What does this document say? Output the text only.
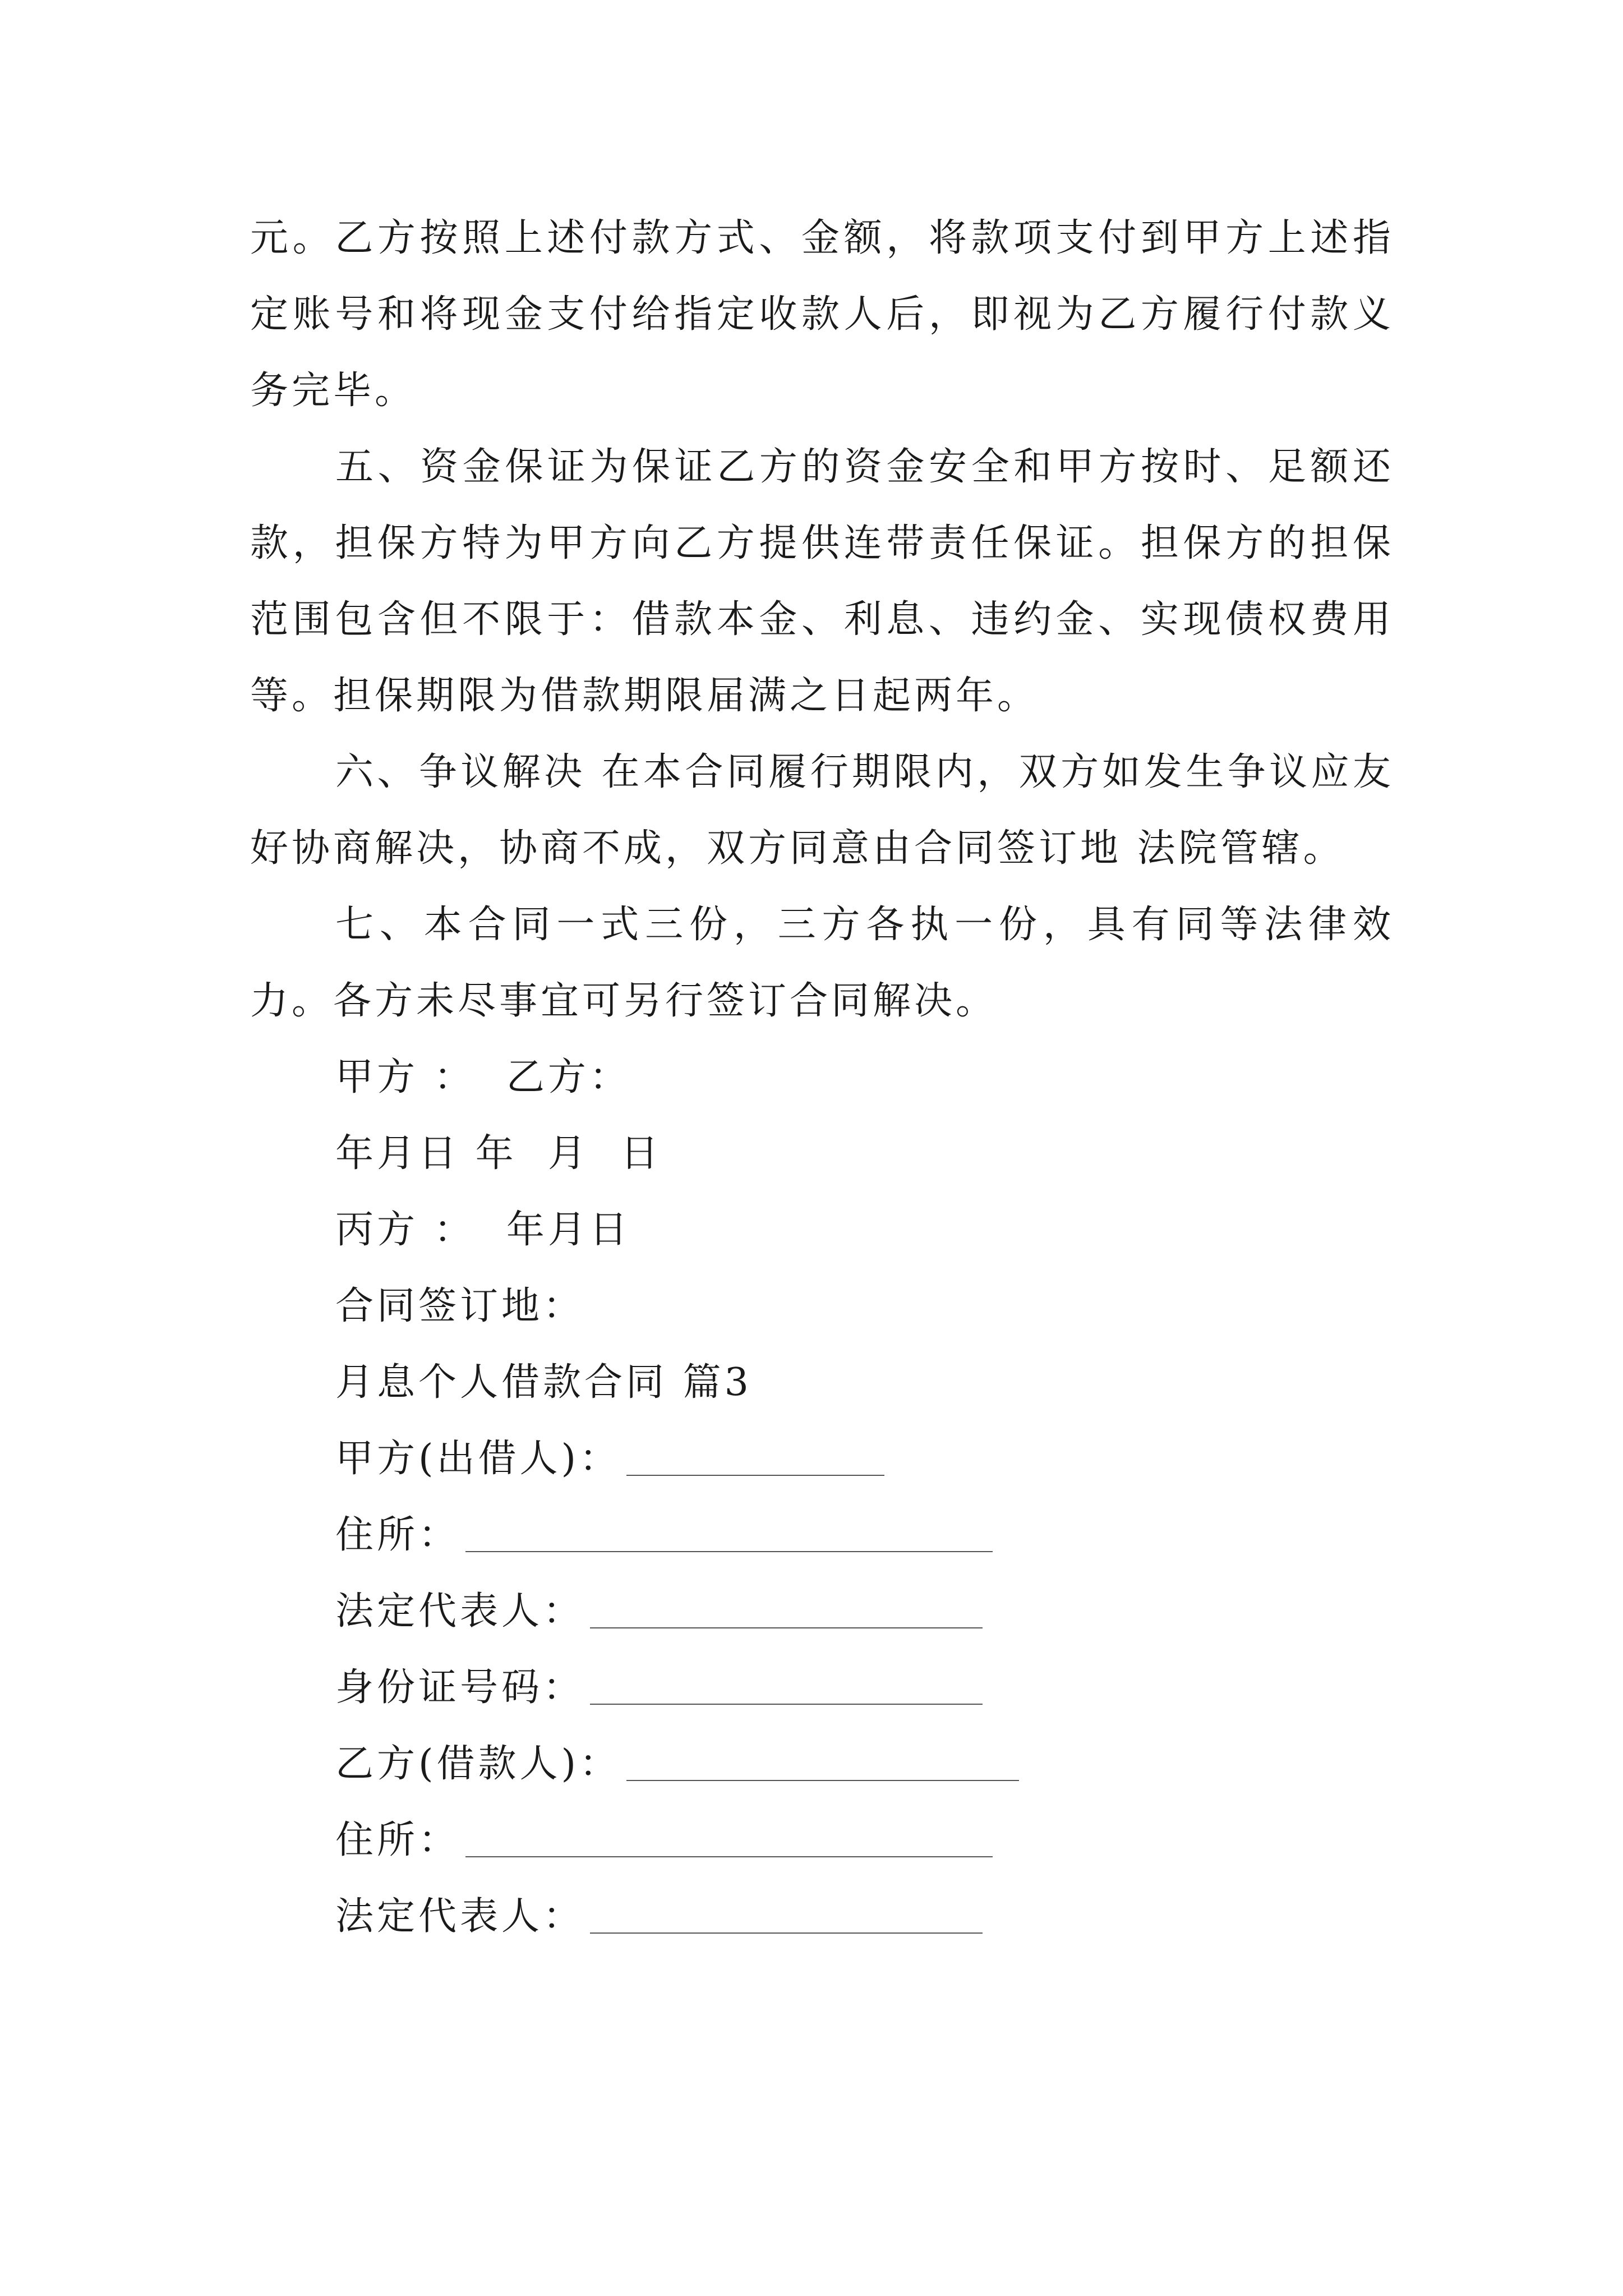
元。乙方按照上述付款方式、金额，将款项支付到甲方上述指定账号和将现金支付给指定收款人后，即视为乙方履行付款义务完毕。

五、资金保证为保证乙方的资金安全和甲方按时、足额还款，担保方特为甲方向乙方提供连带责任保证。担保方的担保范围包含但不限于：借款本金、利息、违约金、实现债权费用等。担保期限为借款期限届满之日起两年。

六、争议解决 在本合同履行期限内，双方如发生争议应友好协商解决，协商不成，双方同意由合同签订地 法院管辖。

七、本合同一式三份，三方各执一份，具有同等法律效力。各方未尽事宜可另行签订合同解决。

甲方 ：  乙方：

年月日 年  月  日

丙方 ：  年月日

合同签订地：

月息个人借款合同 篇3

甲方(出借人)：

住所：

法定代表人：

身份证号码：

乙方(借款人)：

住所：

法定代表人：
